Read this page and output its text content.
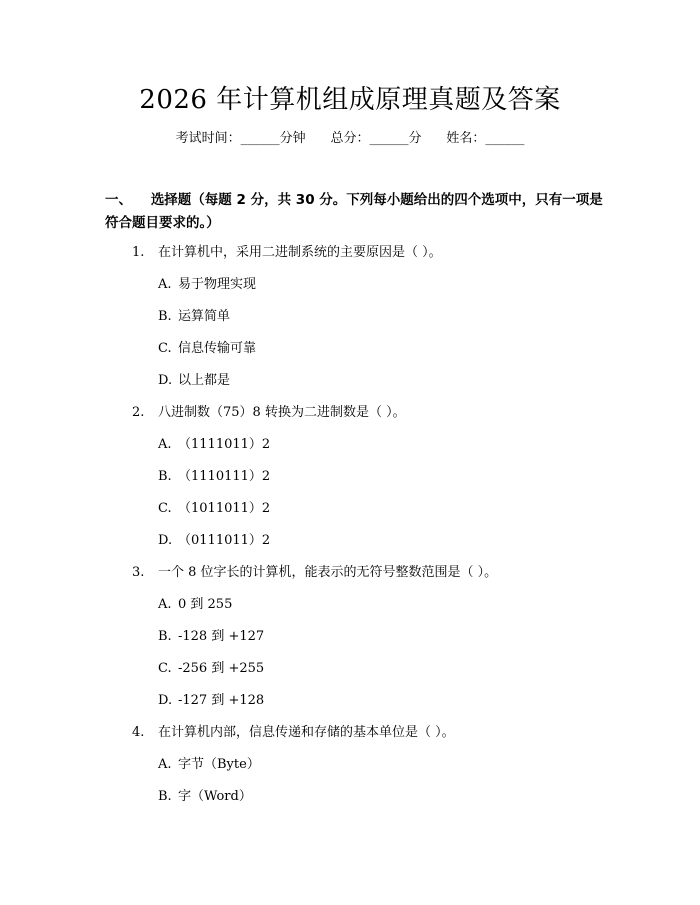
2026 年计算机组成原理真题及答案
考试时间：______分钟 总分：______分 姓名：______
一、 选择题（每题 2 分，共 30 分。下列每小题给出的四个选项中，只有一项是符合题目要求的。）
1. 在计算机中，采用二进制系统的主要原因是（ ）。
A. 易于物理实现
B. 运算简单
C. 信息传输可靠
D. 以上都是
2. 八进制数（75）8 转换为二进制数是（ ）。
A. （1111011）2
B. （1110111）2
C. （1011011）2
D. （0111011）2
3. 一个 8 位字长的计算机，能表示的无符号整数范围是（ ）。
A. 0 到 255
B. -128 到 +127
C. -256 到 +255
D. -127 到 +128
4. 在计算机内部，信息传递和存储的基本单位是（ ）。
A. 字节（Byte）
B. 字（Word）
